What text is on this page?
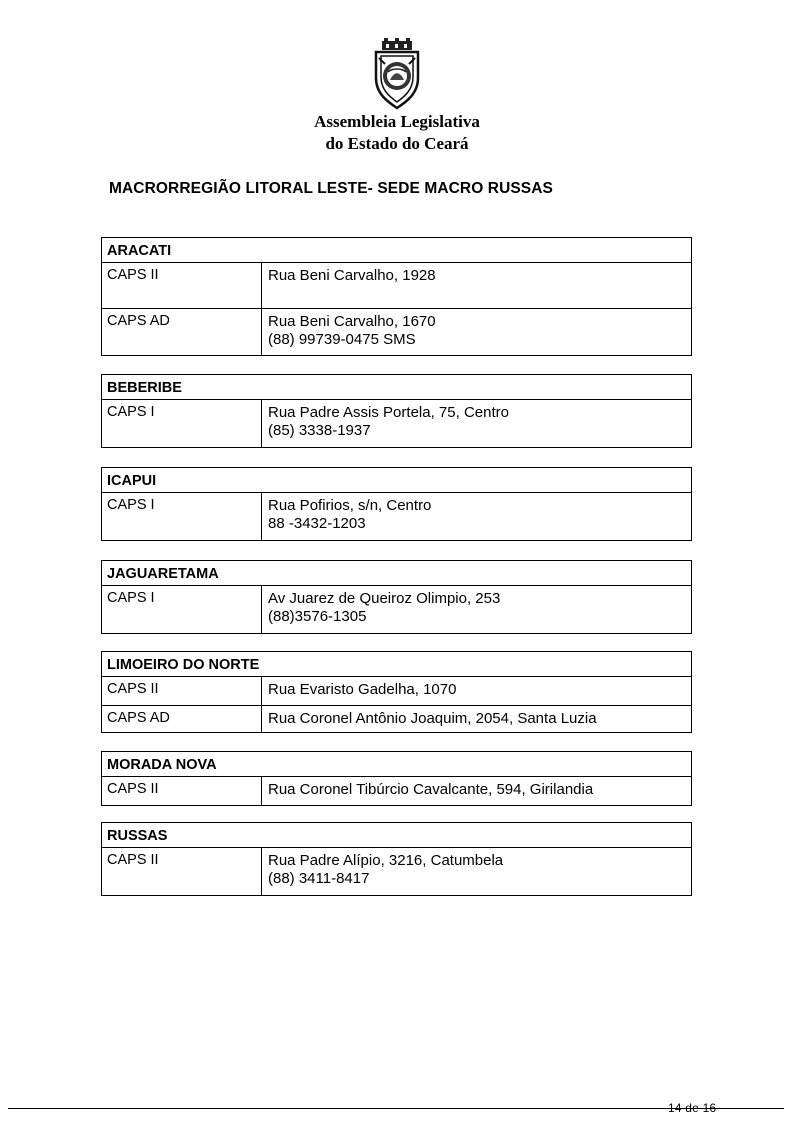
Assembleia Legislativa
do Estado do Ceará
MACRORREGIÃO LITORAL LESTE- SEDE MACRO RUSSAS
ARACATI
CAPS II	Rua Beni Carvalho, 1928
CAPS AD	Rua Beni Carvalho, 1670
(88) 99739-0475 SMS
BEBERIBE
CAPS I	Rua Padre Assis Portela, 75, Centro
(85) 3338-1937
ICAPUI
CAPS I	Rua Pofirios, s/n, Centro
88 -3432-1203
JAGUARETAMA
CAPS I	Av Juarez de Queiroz Olimpio, 253
(88)3576-1305
LIMOEIRO DO NORTE
CAPS II	Rua Evaristo Gadelha, 1070
CAPS AD	Rua Coronel Antônio Joaquim, 2054, Santa Luzia
MORADA NOVA
CAPS II	Rua Coronel Tibúrcio Cavalcante, 594, Girilandia
RUSSAS
CAPS II	Rua Padre Alípio, 3216, Catumbela
(88) 3411-8417
14 de 16
